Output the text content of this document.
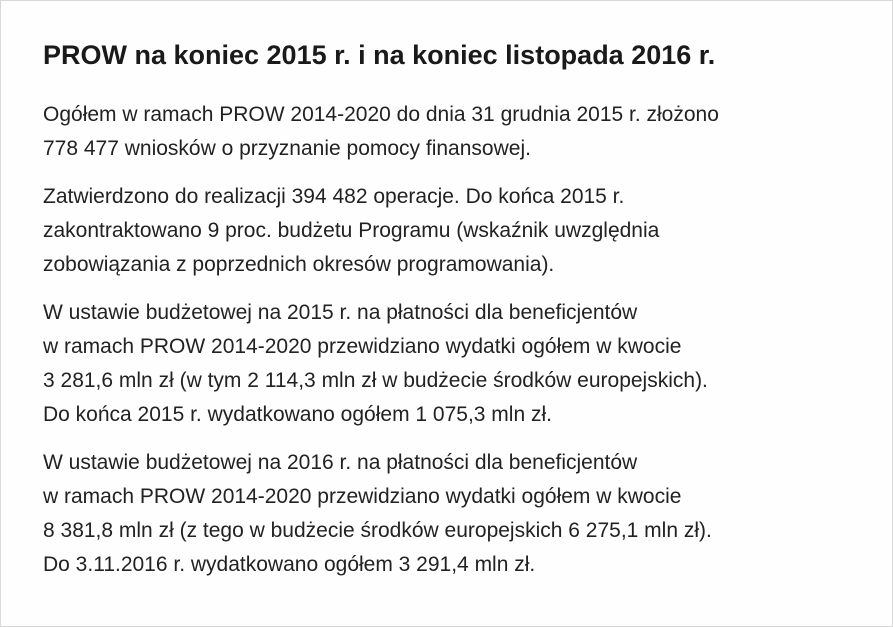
PROW na koniec 2015 r. i na koniec listopada 2016 r.

Ogółem w ramach PROW 2014-2020 do dnia 31 grudnia 2015 r. złożono
778 477 wniosków o przyznanie pomocy finansowej.

Zatwierdzono do realizacji 394 482 operacje. Do końca 2015 r.
zakontraktowano 9 proc. budżetu Programu (wskaźnik uwzględnia
zobowiązania z poprzednich okresów programowania).

W ustawie budżetowej na 2015 r. na płatności dla beneficjentów
w ramach PROW 2014-2020 przewidziano wydatki ogółem w kwocie
3 281,6 mln zł (w tym 2 114,3 mln zł w budżecie środków europejskich).
Do końca 2015 r. wydatkowano ogółem 1 075,3 mln zł.

W ustawie budżetowej na 2016 r. na płatności dla beneficjentów
w ramach PROW 2014-2020 przewidziano wydatki ogółem w kwocie
8 381,8 mln zł (z tego w budżecie środków europejskich 6 275,1 mln zł).
Do 3.11.2016 r. wydatkowano ogółem 3 291,4 mln zł.
